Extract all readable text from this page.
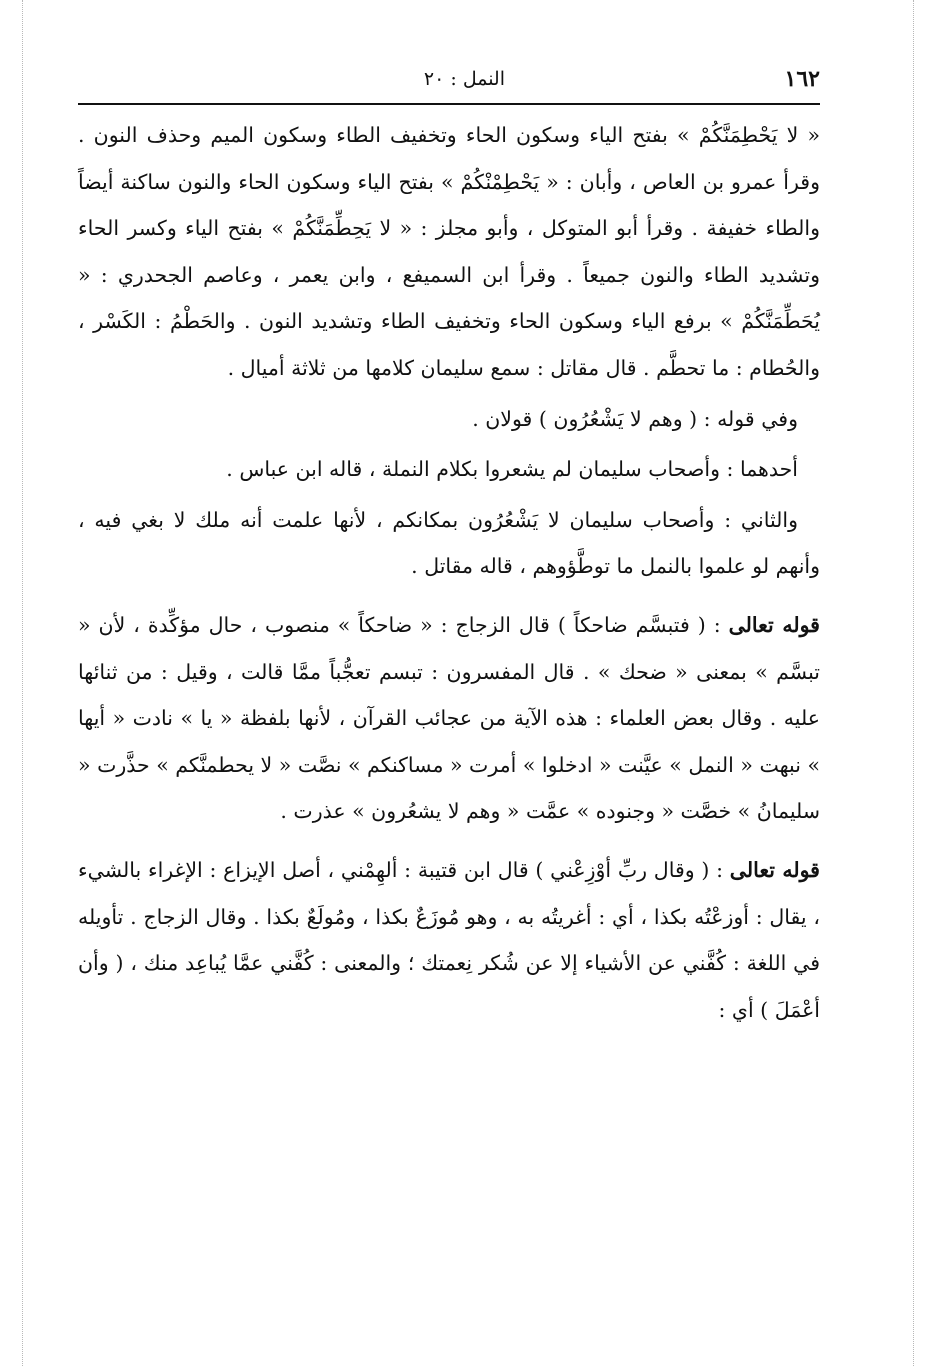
١٦٢
النمل : ٢٠

« لا يَحْطِمَنَّكُمْ » بفتح الياء وسكون الحاء وتخفيف الطاء وسكون الميم وحذف النون . وقرأ عمرو بن العاص ، وأبان : « يَحْطِمْنْكُمْ » بفتح الياء وسكون الحاء والنون ساكنة أيضاً والطاء خفيفة . وقرأ أبو المتوكل ، وأبو مجلز : « لا يَحِطِّمَنَّكُمْ » بفتح الياء وكسر الحاء وتشديد الطاء والنون جميعاً . وقرأ ابن السميفع ، وابن يعمر ، وعاصم الجحدري : « يُحَطِّمَنَّكُمْ » برفع الياء وسكون الحاء وتخفيف الطاء وتشديد النون . والحَطْمُ : الكَسْر ، والحُطام : ما تحطَّم . قال مقاتل : سمع سليمان كلامها من ثلاثة أميال .

وفي قوله : ( وهم لا يَشْعُرُون ) قولان .

أحدهما : وأصحاب سليمان لم يشعروا بكلام النملة ، قاله ابن عباس .

والثاني : وأصحاب سليمان لا يَشْعُرُون بمكانكم ، لأنها علمت أنه ملك لا بغي فيه ، وأنهم لو علموا بالنمل ما توطَّؤوهم ، قاله مقاتل .

قوله تعالى : ( فتبسَّم ضاحكاً ) قال الزجاج : « ضاحكاً » منصوب ، حال مؤكِّدة ، لأن « تبسَّم » بمعنى « ضحك » . قال المفسرون : تبسم تعجُّباً ممَّا قالت ، وقيل : من ثنائها عليه . وقال بعض العلماء : هذه الآية من عجائب القرآن ، لأنها بلفظة « يا » نادت « أيها » نبهت « النمل » عيَّنت « ادخلوا » أمرت « مساكنكم » نصَّت « لا يحطمنَّكم » حذَّرت « سليمانُ » خصَّت « وجنوده » عمَّت « وهم لا يشعُرون » عذرت .

قوله تعالى : ( وقال ربِّ أوْزِعْني ) قال ابن قتيبة : ألهِمْني ، أصل الإيزاع : الإغراء بالشيء ، يقال : أوزعْتُه بكذا ، أي : أغريتُه به ، وهو مُوزَعٌ بكذا ، ومُولَعٌ بكذا . وقال الزجاج . تأويله في اللغة : كُفَّني عن الأشياء إلا عن شُكر نِعمتك ؛ والمعنى : كُفَّني عمَّا يُباعِد منك ، ( وأن أعْمَلَ ) أي :
